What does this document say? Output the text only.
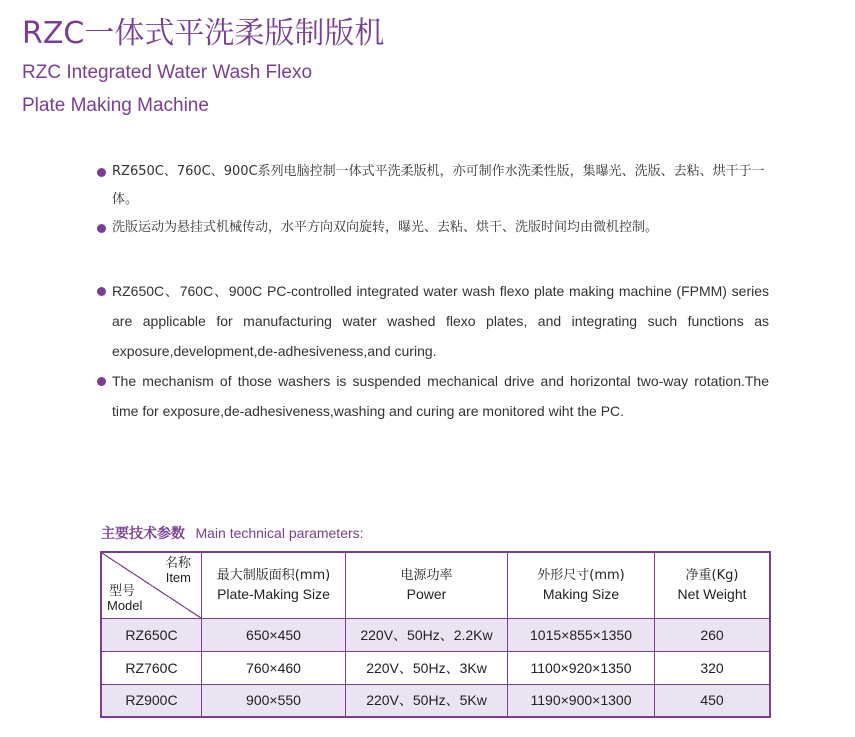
RZC一体式平洗柔版制版机
RZC Integrated Water Wash Flexo
Plate Making Machine
RZ650C、760C、900C系列电脑控制一体式平洗柔版机，亦可制作水洗柔性版，集曝光、洗版、去粘、烘干于一体。
洗版运动为悬挂式机械传动，水平方向双向旋转，曝光、去粘、烘干、洗版时间均由微机控制。
RZ650C、760C、900C PC-controlled integrated water wash flexo plate making machine (FPMM) series are applicable for manufacturing water washed flexo plates, and integrating such functions as exposure,development,de-adhesiveness,and curing.
The mechanism of those washers is suspended mechanical drive and horizontal two-way rotation.The time for exposure,de-adhesiveness,washing and curing are monitored wiht the PC.
主要技术参数 Main technical parameters:
名称
Item
型号
Model	最大制版面积(mm)
Plate-Making Size	电源功率
Power	外形尺寸(mm)
Making Size	净重(Kg)
Net Weight

RZ650C	650×450	220V、50Hz、2.2Kw	1015×855×1350	260
RZ760C	760×460	220V、50Hz、3Kw	1100×920×1350	320
RZ900C	900×550	220V、50Hz、5Kw	1190×900×1300	450
